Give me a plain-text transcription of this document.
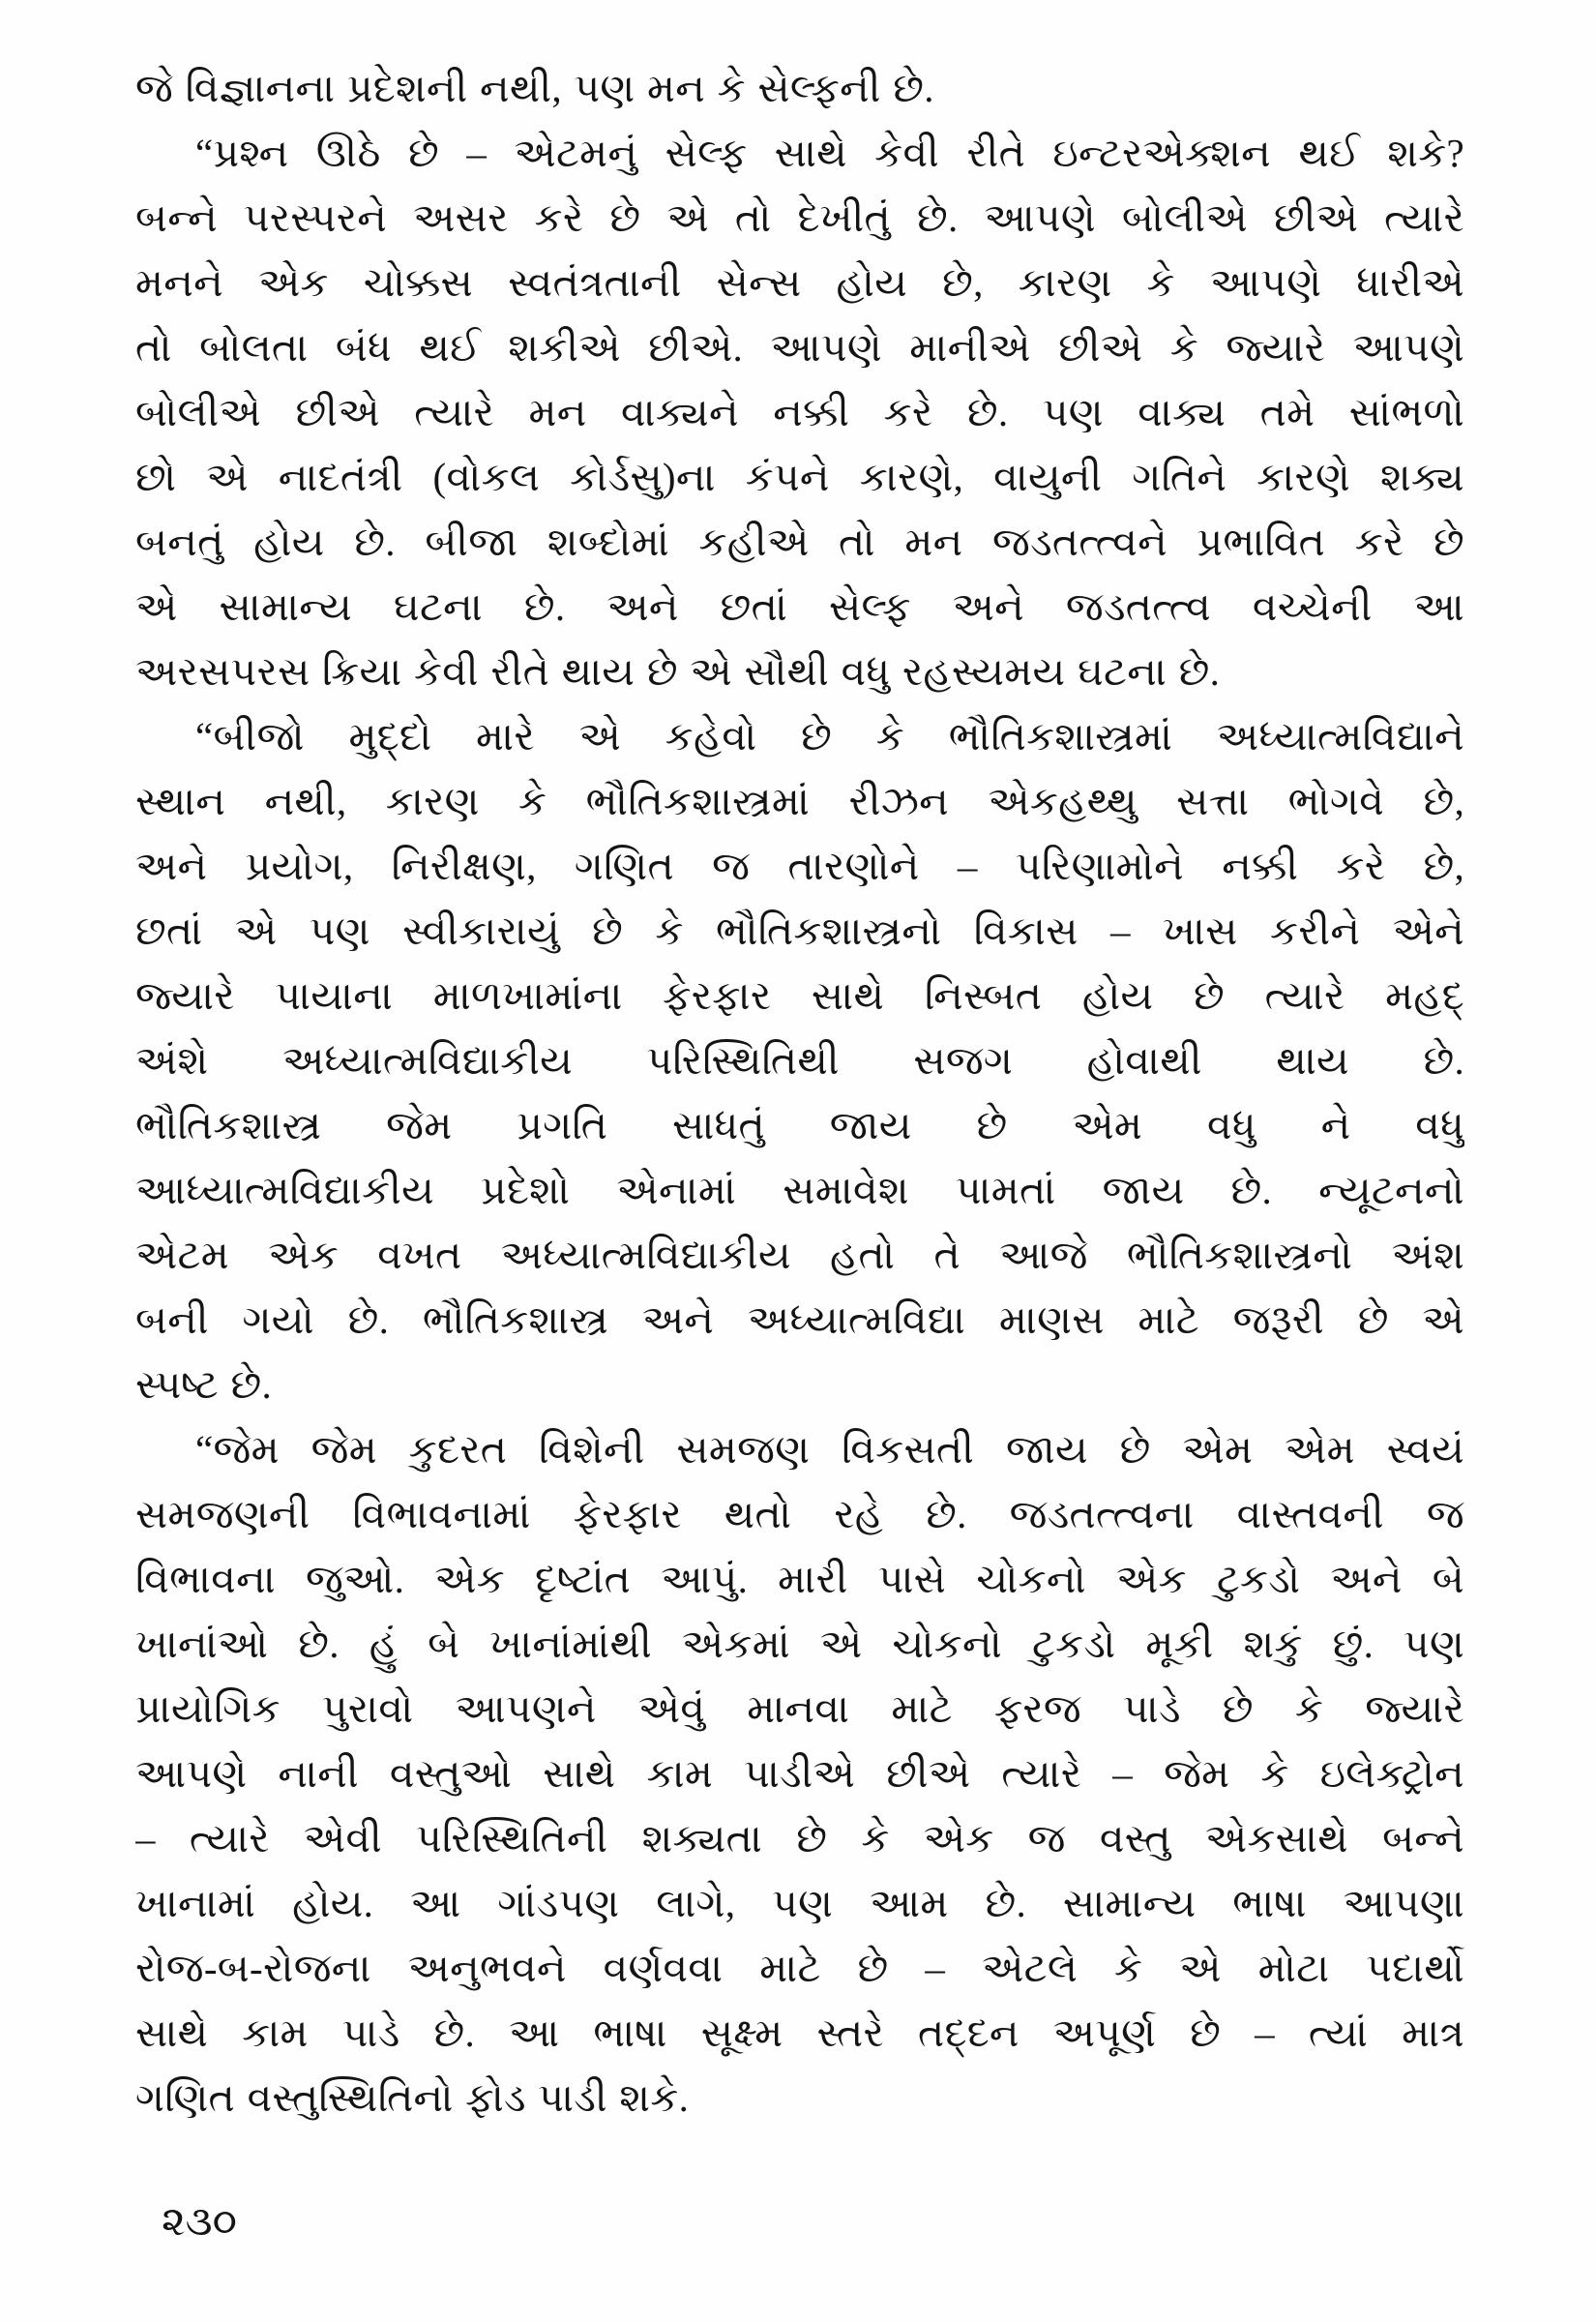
જે વિજ્ઞાનના પ્રદેશની નથી, પણ મન કે સેલ્ફની છે.
“પ્રશ્ન ઊઠે છે – એટમનું સેલ્ફ સાથે કેવી રીતે ઇન્ટરએક્શન થઈ શકે?
બન્ને પરસ્પરને અસર કરે છે એ તો દેખીતું છે. આપણે બોલીએ છીએ ત્યારે
મનને એક ચોક્કસ સ્વતંત્રતાની સેન્સ હોય છે, કારણ કે આપણે ધારીએ
તો બોલતા બંધ થઈ શકીએ છીએ. આપણે માનીએ છીએ કે જ્યારે આપણે
બોલીએ છીએ ત્યારે મન વાક્યને નક્કી કરે છે. પણ વાક્ય તમે સાંભળો
છો એ નાદતંત્રી (વોકલ કોર્ડસુ)ના કંપને કારણે, વાયુની ગતિને કારણે શક્ય
બનતું હોય છે. બીજા શબ્દોમાં કહીએ તો મન જડતત્ત્વને પ્રભાવિત કરે છે
એ સામાન્ય ઘટના છે. અને છતાં સેલ્ફ અને જડતત્ત્વ વચ્ચેની આ
અરસપરસ ક્રિયા કેવી રીતે થાય છે એ સૌથી વધુ રહસ્યમય ઘટના છે.
“બીજો મુદ્દો મારે એ કહેવો છે કે ભૌતિકશાસ્ત્રમાં અધ્યાત્મવિદ્યાને
સ્થાન નથી, કારણ કે ભૌતિકશાસ્ત્રમાં રીઝન એકહથ્થુ સત્તા ભોગવે છે,
અને પ્રયોગ, નિરીક્ષણ, ગણિત જ તારણોને – પરિણામોને નક્કી કરે છે,
છતાં એ પણ સ્વીકારાયું છે કે ભૌતિકશાસ્ત્રનો વિકાસ – ખાસ કરીને એને
જ્યારે પાયાના માળખામાંના ફેરફાર સાથે નિસ્બત હોય છે ત્યારે મહદ્
અંશે અધ્યાત્મવિદ્યાકીય પરિસ્થિતિથી સજગ હોવાથી થાય છે.
ભૌતિકશાસ્ત્ર જેમ પ્રગતિ સાધતું જાય છે એમ વધુ ને વધુ
આધ્યાત્મવિદ્યાકીય પ્રદેશો એનામાં સમાવેશ પામતાં જાય છે. ન્યૂટનનો
એટમ એક વખત અધ્યાત્મવિદ્યાકીય હતો તે આજે ભૌતિકશાસ્ત્રનો અંશ
બની ગયો છે. ભૌતિકશાસ્ત્ર અને અધ્યાત્મવિદ્યા માણસ માટે જરૂરી છે એ
સ્પષ્ટ છે.
“જેમ જેમ કુદરત વિશેની સમજણ વિકસતી જાય છે એમ એમ સ્વયં
સમજણની વિભાવનામાં ફેરફાર થતો રહે છે. જડતત્ત્વના વાસ્તવની જ
વિભાવના જુઓ. એક દૃષ્ટાંત આપું. મારી પાસે ચોકનો એક ટુકડો અને બે
ખાનાંઓ છે. હું બે ખાનાંમાંથી એકમાં એ ચોકનો ટુકડો મૂકી શકું છું. પણ
પ્રાયોગિક પુરાવો આપણને એવું માનવા માટે ફરજ પાડે છે કે જ્યારે
આપણે નાની વસ્તુઓ સાથે કામ પાડીએ છીએ ત્યારે – જેમ કે ઇલેક્ટ્રોન
– ત્યારે એવી પરિસ્થિતિની શક્યતા છે કે એક જ વસ્તુ એકસાથે બન્ને
ખાનામાં હોય. આ ગાંડપણ લાગે, પણ આમ છે. સામાન્ય ભાષા આપણા
રોજ-બ-રોજના અનુભવને વર્ણવવા માટે છે – એટલે કે એ મોટા પદાર્થો
સાથે કામ પાડે છે. આ ભાષા સૂક્ષ્મ સ્તરે તદ્દન અપૂર્ણ છે – ત્યાં માત્ર
ગણિત વસ્તુસ્થિતિનો ફોડ પાડી શકે.
૨૩૦
